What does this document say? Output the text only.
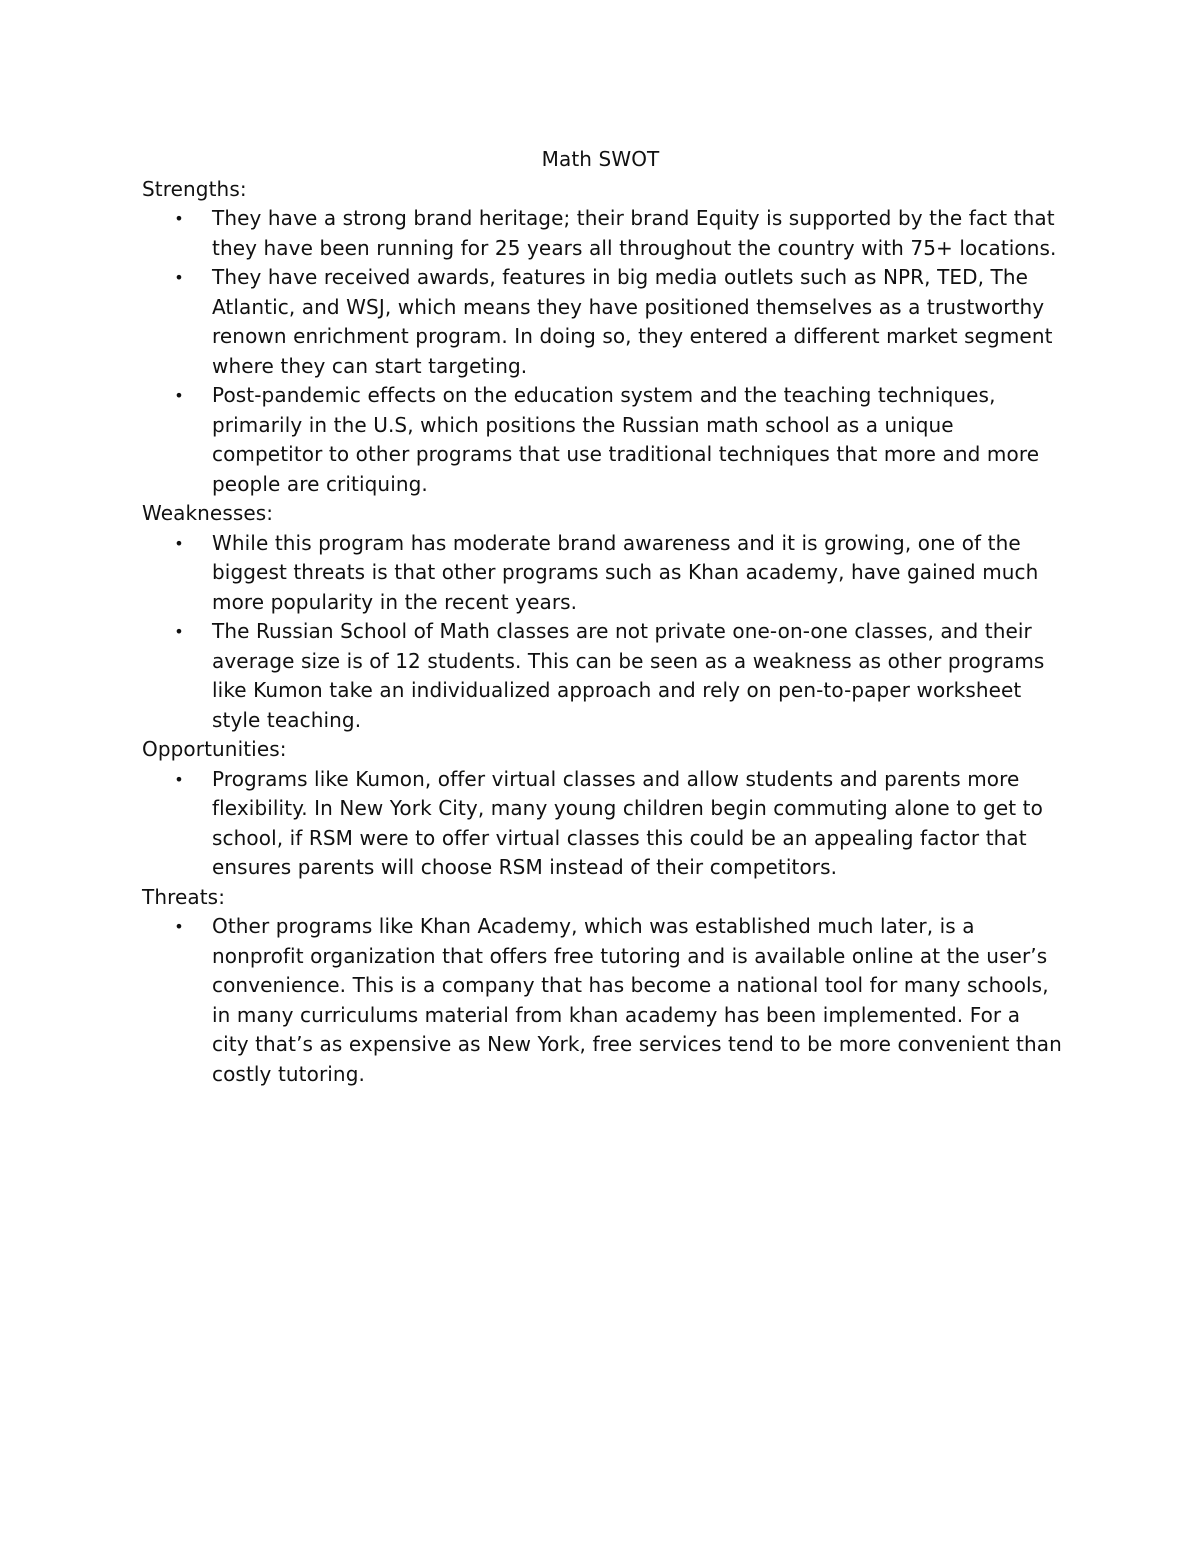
Math SWOT
Strengths:
• They have a strong brand heritage; their brand Equity is supported by the fact that they have been running for 25 years all throughout the country with 75+ locations.
• They have received awards, features in big media outlets such as NPR, TED, The Atlantic, and WSJ, which means they have positioned themselves as a trustworthy renown enrichment program. In doing so, they entered a different market segment where they can start targeting.
• Post-pandemic effects on the education system and the teaching techniques, primarily in the U.S, which positions the Russian math school as a unique competitor to other programs that use traditional techniques that more and more people are critiquing.
Weaknesses:
• While this program has moderate brand awareness and it is growing, one of the biggest threats is that other programs such as Khan academy, have gained much more popularity in the recent years.
• The Russian School of Math classes are not private one-on-one classes, and their average size is of 12 students. This can be seen as a weakness as other programs like Kumon take an individualized approach and rely on pen-to-paper worksheet style teaching.
Opportunities:
• Programs like Kumon, offer virtual classes and allow students and parents more flexibility. In New York City, many young children begin commuting alone to get to school, if RSM were to offer virtual classes this could be an appealing factor that ensures parents will choose RSM instead of their competitors.
Threats:
• Other programs like Khan Academy, which was established much later, is a nonprofit organization that offers free tutoring and is available online at the user’s convenience. This is a company that has become a national tool for many schools, in many curriculums material from khan academy has been implemented. For a city that’s as expensive as New York, free services tend to be more convenient than costly tutoring.
